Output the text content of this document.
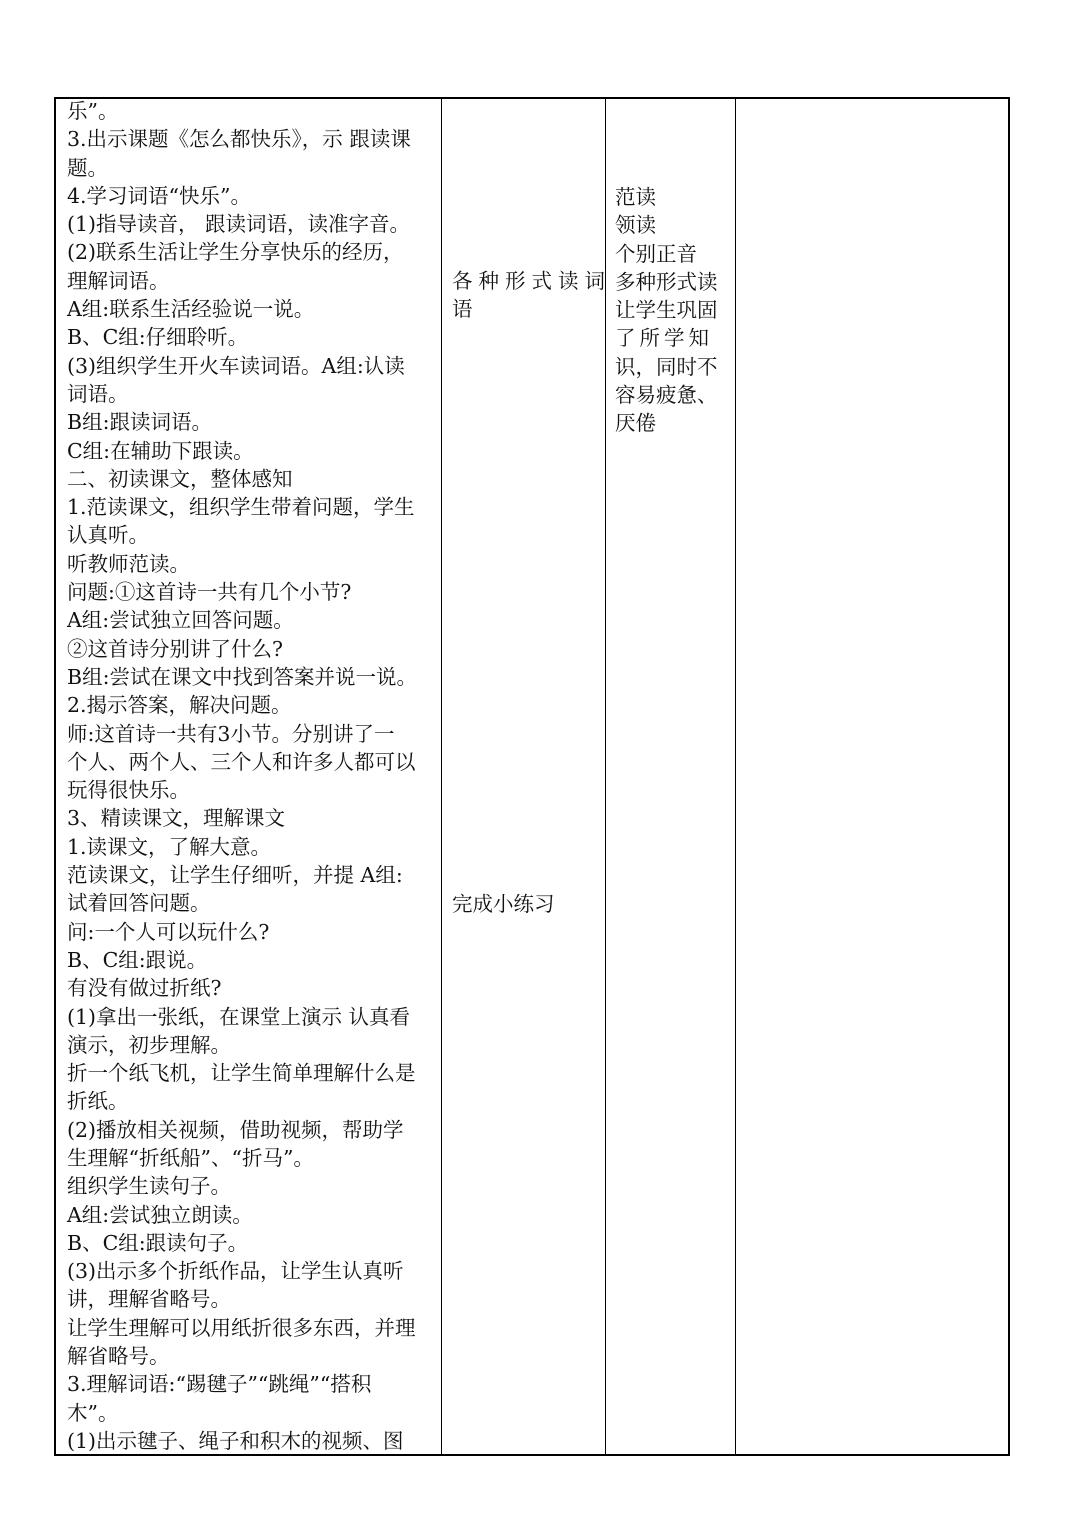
乐”。
3.出示课题《怎么都快乐》，示 跟读课
题。
4.学习词语“快乐”。
(1)指导读音， 跟读词语，读准字音。
(2)联系生活让学生分享快乐的经历，
理解词语。
A组:联系生活经验说一说。
B、C组:仔细聆听。
(3)组织学生开火车读词语。A组:认读
词语。
B组:跟读词语。
C组:在辅助下跟读。
二、初读课文，整体感知
1.范读课文，组织学生带着问题，学生
认真听。
听教师范读。
问题:①这首诗一共有几个小节?
A组:尝试独立回答问题。
②这首诗分别讲了什么?
B组:尝试在课文中找到答案并说一说。
2.揭示答案，解决问题。
师:这首诗一共有3小节。分别讲了一
个人、两个人、三个人和许多人都可以
玩得很快乐。
3、精读课文，理解课文
1.读课文，了解大意。
范读课文，让学生仔细听，并提 A组:
试着回答问题。
问:一个人可以玩什么?
B、C组:跟说。
有没有做过折纸?
(1)拿出一张纸，在课堂上演示 认真看
演示，初步理解。
折一个纸飞机，让学生简单理解什么是
折纸。
(2)播放相关视频，借助视频，帮助学
生理解“折纸船”、“折马”。
组织学生读句子。
A组:尝试独立朗读。
B、C组:跟读句子。
(3)出示多个折纸作品，让学生认真听
讲，理解省略号。
让学生理解可以用纸折很多东西，并理
解省略号。
3.理解词语:“踢毽子”“跳绳”“搭积
木”。
(1)出示毽子、绳子和积木的视频、图
各种形式读词
语
完成小练习
范读
领读
个别正音
多种形式读
让学生巩固
了所学知
识，同时不
容易疲惫、
厌倦
